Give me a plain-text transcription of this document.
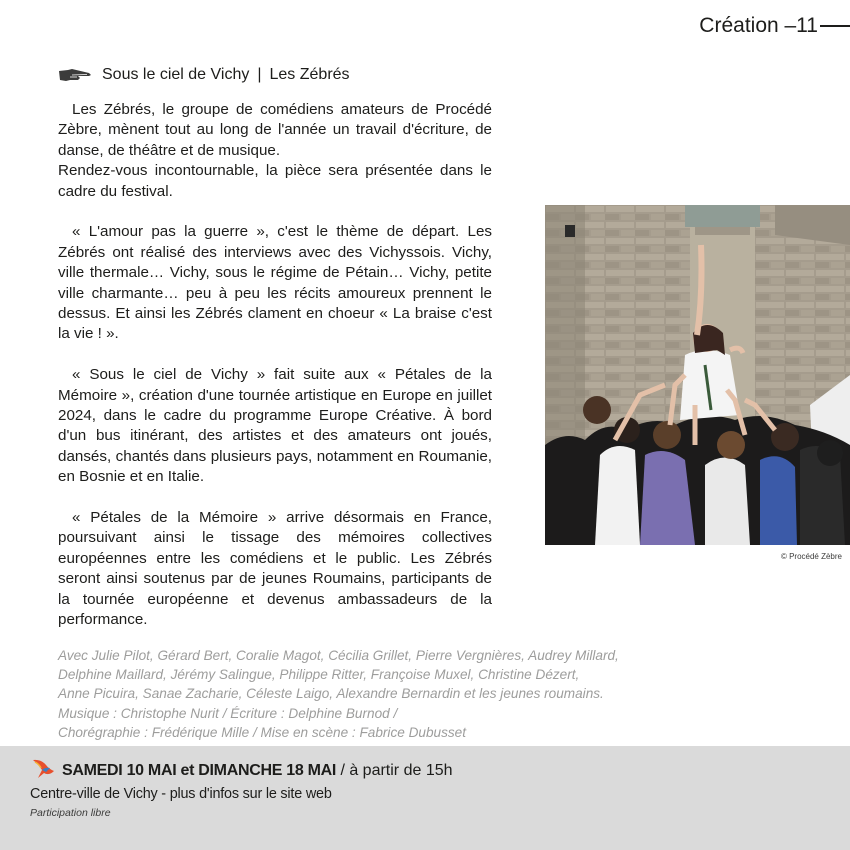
Création –11
Sous le ciel de Vichy | Les Zébrés

Les Zébrés, le groupe de comédiens amateurs de Procédé Zèbre, mènent tout au long de l'année un travail d'écriture, de danse, de théâtre et de musique.

Rendez-vous incontournable, la pièce sera présentée dans le cadre du festival.

« L'amour pas la guerre », c'est le thème de départ. Les Zébrés ont réalisé des interviews avec des Vichyssois. Vichy, ville thermale… Vichy, sous le régime de Pétain… Vichy, petite ville charmante… peu à peu les récits amoureux prennent le dessus. Et ainsi les Zébrés clament en choeur « La braise c'est la vie ! ».

« Sous le ciel de Vichy » fait suite aux « Pétales de la Mémoire », création d'une tournée artistique en Europe en juillet 2024, dans le cadre du programme Europe Créative. À bord d'un bus itinérant, des artistes et des amateurs ont joués, dansés, chantés dans plusieurs pays, notamment en Roumanie, en Bosnie et en Italie.

« Pétales de la Mémoire » arrive désormais en France, poursuivant ainsi le tissage des mémoires collectives européennes entre les comédiens et le public. Les Zébrés seront ainsi soutenus par de jeunes Roumains, participants de la tournée européenne et devenus ambassadeurs de la performance.

© Procédé Zèbre
Avec Julie Pilot, Gérard Bert, Coralie Magot, Cécilia Grillet, Pierre Vergnières, Audrey Millard,
Delphine Maillard, Jérémy Salingue, Philippe Ritter, Françoise Muxel, Christine Dézert,
Anne Picuira, Sanae Zacharie, Céleste Laigo, Alexandre Bernardin et les jeunes roumains.
Musique : Christophe Nurit / Écriture : Delphine Burnod /
Chorégraphie : Frédérique Mille / Mise en scène : Fabrice Dubusset
SAMEDI 10 MAI et DIMANCHE 18 MAI / à partir de 15h
Centre-ville de Vichy - plus d'infos sur le site web
Participation libre
